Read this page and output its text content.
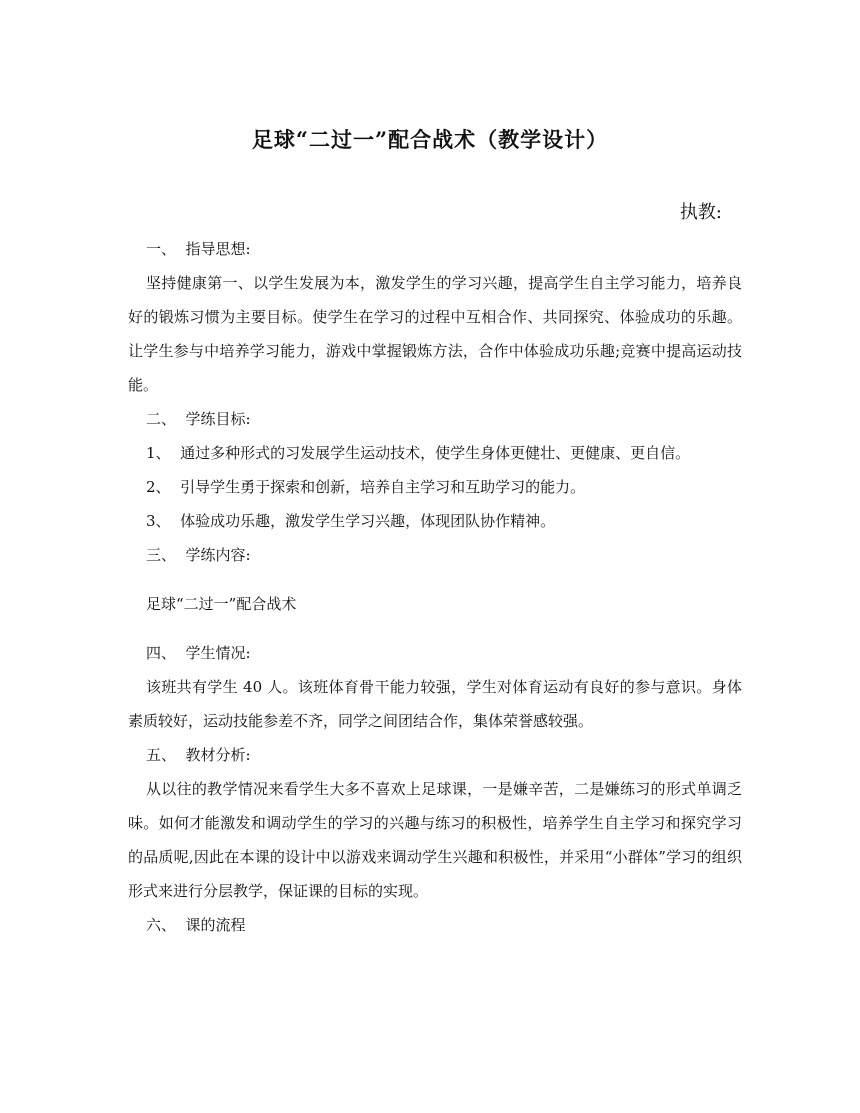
足球“二过一”配合战术（教学设计）
执教:

一、  指导思想:

坚持健康第一、以学生发展为本，激发学生的学习兴趣，提高学生自主学习能力，培养良好的锻炼习惯为主要目标。使学生在学习的过程中互相合作、共同探究、体验成功的乐趣。让学生参与中培养学习能力，游戏中掌握锻炼方法，合作中体验成功乐趣;竞赛中提高运动技能。

二、  学练目标:

1、  通过多种形式的习发展学生运动技术，使学生身体更健壮、更健康、更自信。

2、  引导学生勇于探索和创新，培养自主学习和互助学习的能力。

3、  体验成功乐趣，激发学生学习兴趣，体现团队协作精神。

三、  学练内容:

足球“二过一”配合战术

四、  学生情况:

该班共有学生 40 人。该班体育骨干能力较强，学生对体育运动有良好的参与意识。身体素质较好，运动技能参差不齐，同学之间团结合作，集体荣誉感较强。

五、  教材分析:

从以往的教学情况来看学生大多不喜欢上足球课，一是嫌辛苦，二是嫌练习的形式单调乏味。如何才能激发和调动学生的学习的兴趣与练习的积极性，培养学生自主学习和探究学习的品质呢,因此在本课的设计中以游戏来调动学生兴趣和积极性，并采用“小群体”学习的组织形式来进行分层教学，保证课的目标的实现。

六、  课的流程
